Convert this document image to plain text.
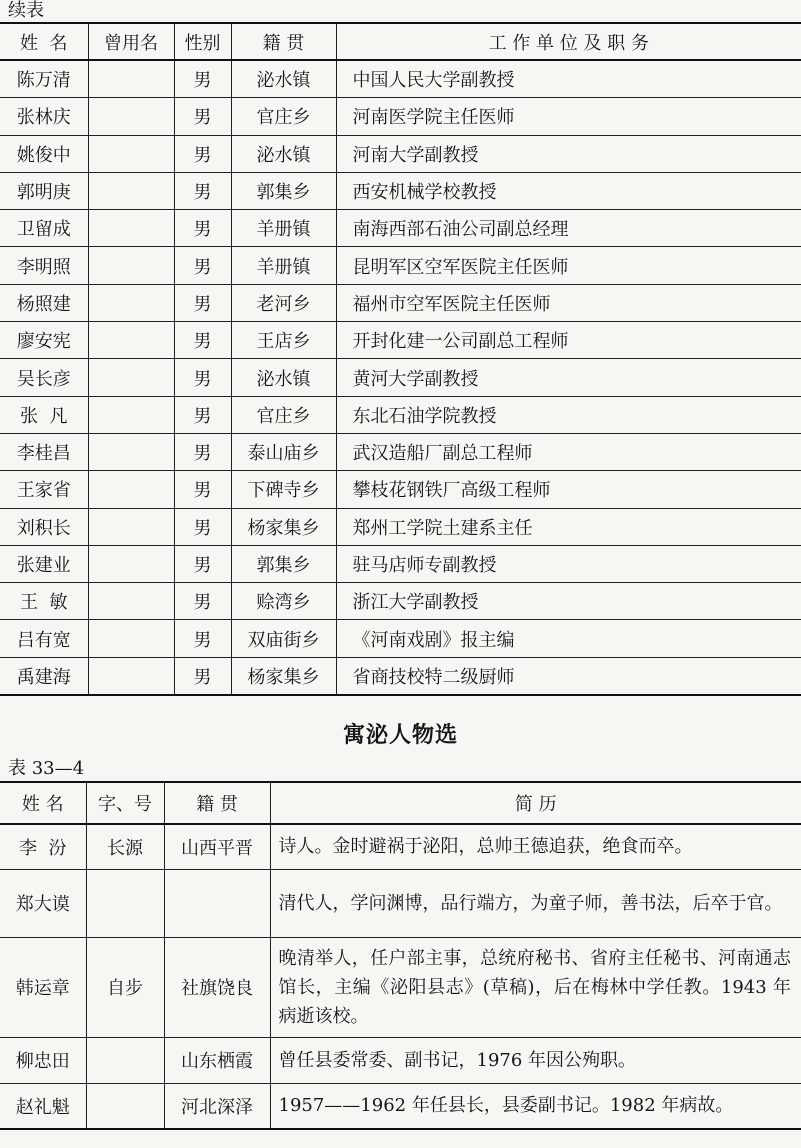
续表
姓  名	曾用名	性别	籍 贯	工 作 单 位 及 职 务
陈万清		男	泌水镇	中国人民大学副教授
张林庆		男	官庄乡	河南医学院主任医师
姚俊中		男	泌水镇	河南大学副教授
郭明庚		男	郭集乡	西安机械学校教授
卫留成		男	羊册镇	南海西部石油公司副总经理
李明照		男	羊册镇	昆明军区空军医院主任医师
杨照建		男	老河乡	福州市空军医院主任医师
廖安宪		男	王店乡	开封化建一公司副总工程师
吴长彦		男	泌水镇	黄河大学副教授
张  凡		男	官庄乡	东北石油学院教授
李桂昌		男	泰山庙乡	武汉造船厂副总工程师
王家省		男	下碑寺乡	攀枝花钢铁厂高级工程师
刘积长		男	杨家集乡	郑州工学院土建系主任
张建业		男	郭集乡	驻马店师专副教授
王  敏		男	赊湾乡	浙江大学副教授
吕有宽		男	双庙街乡	《河南戏剧》报主编
禹建海		男	杨家集乡	省商技校特二级厨师
寓泌人物选
表 33—4
姓 名	字、号	籍 贯	简 历
李  汾	长源	山西平晋	诗人。金时避祸于泌阳，总帅王德追获，绝食而卒。
郑大谟			清代人，学问渊博，品行端方，为童子师，善书法，后卒于官。
韩运章	自步	社旗饶良	晚清举人，任户部主事，总统府秘书、省府主任秘书、河南通志馆长，主编《泌阳县志》(草稿)，后在梅林中学任教。1943 年病逝该校。
柳忠田		山东栖霞	曾任县委常委、副书记，1976 年因公殉职。
赵礼魁		河北深泽	1957——1962 年任县长，县委副书记。1982 年病故。
